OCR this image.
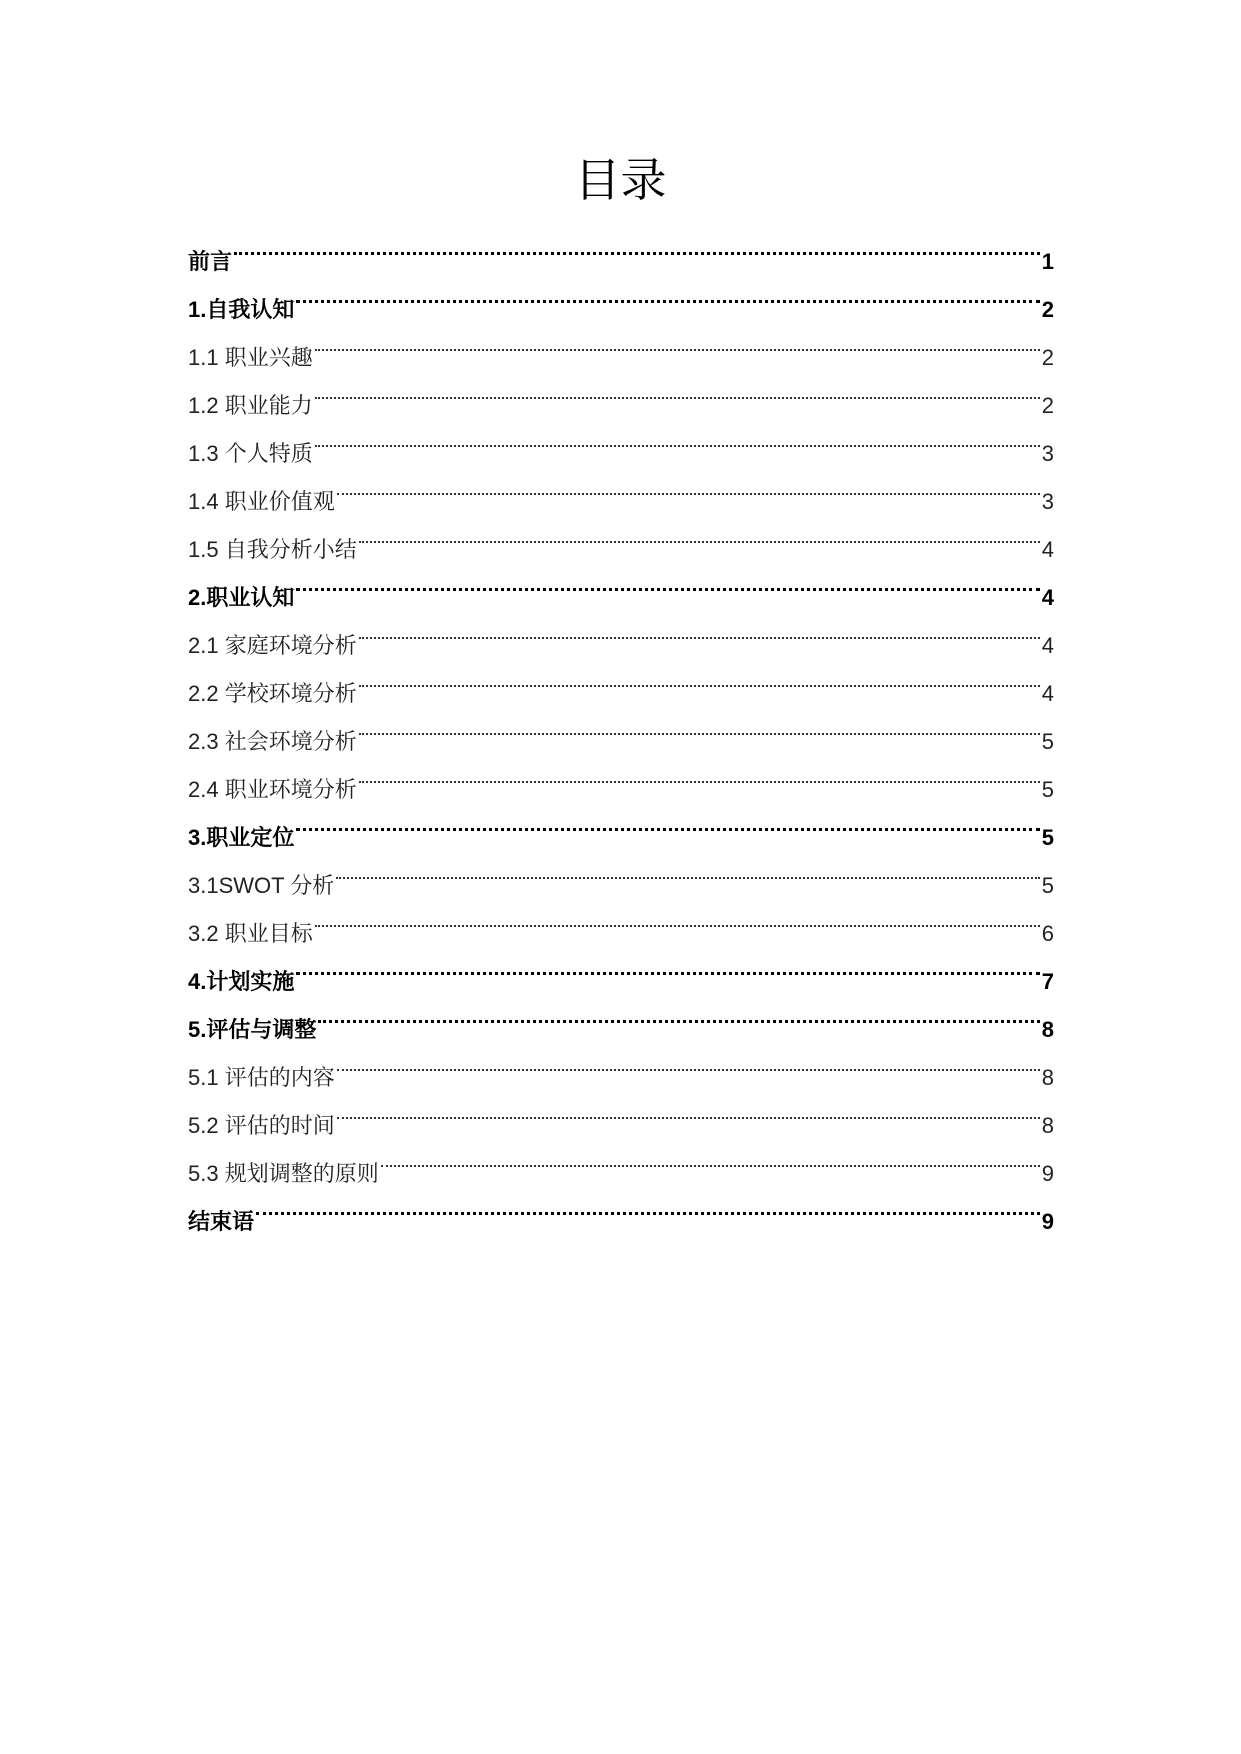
目录
前言	1
1.自我认知	2
1.1 职业兴趣	2
1.2 职业能力	2
1.3 个人特质	3
1.4 职业价值观	3
1.5 自我分析小结	4
2.职业认知	4
2.1 家庭环境分析	4
2.2 学校环境分析	4
2.3 社会环境分析	5
2.4 职业环境分析	5
3.职业定位	5
3.1SWOT 分析	5
3.2 职业目标	6
4.计划实施	7
5.评估与调整	8
5.1 评估的内容	8
5.2 评估的时间	8
5.3 规划调整的原则	9
结束语	9
